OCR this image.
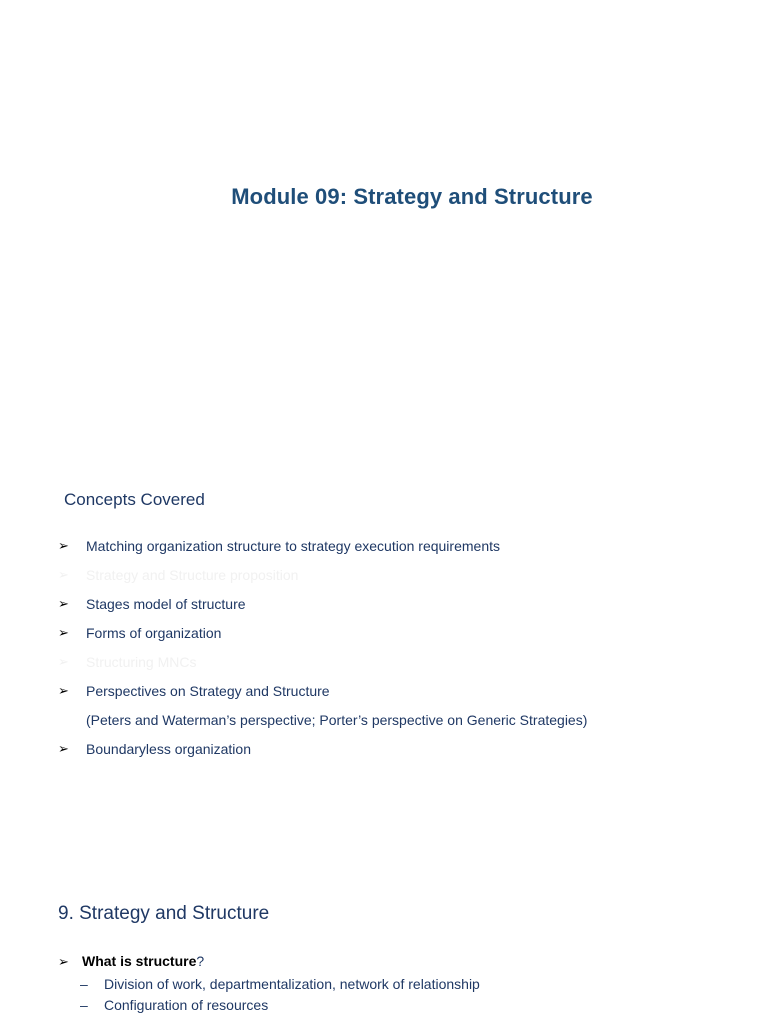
Module 09: Strategy and Structure
Concepts Covered
➢ Matching organization structure to strategy execution requirements
➢ Strategy and Structure proposition
➢ Stages model of structure
➢ Forms of organization
➢ Structuring MNCs
➢ Perspectives on Strategy and Structure
(Peters and Waterman’s perspective; Porter’s perspective on Generic Strategies)
➢ Boundaryless organization
9. Strategy and Structure
➢ What is structure?
– Division of work, departmentalization, network of relationship
– Configuration of resources
